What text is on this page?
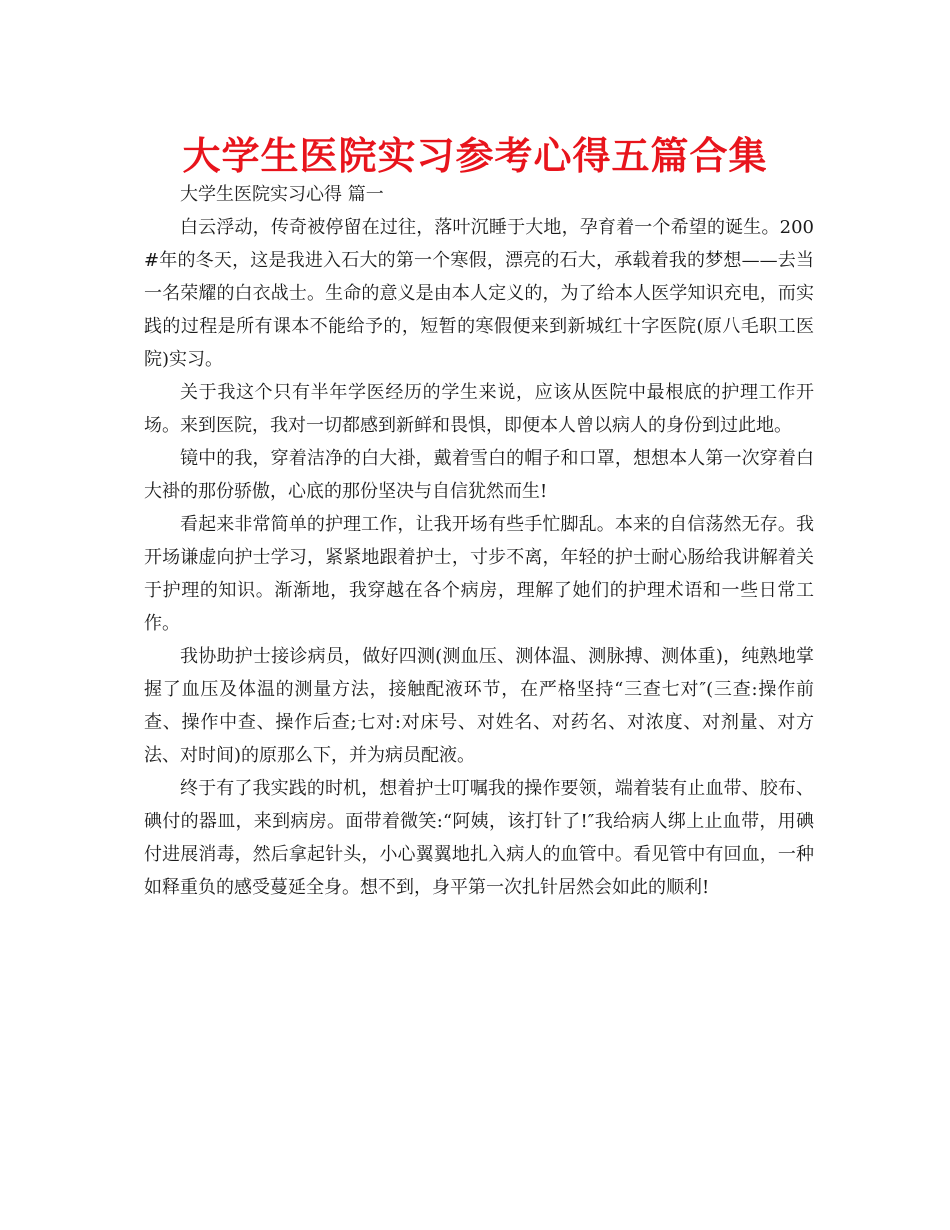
大学生医院实习参考心得五篇合集
大学生医院实习心得 篇一

白云浮动，传奇被停留在过往，落叶沉睡于大地，孕育着一个希望的诞生。200#年的冬天，这是我进入石大的第一个寒假，漂亮的石大，承载着我的梦想——去当一名荣耀的白衣战士。生命的意义是由本人定义的，为了给本人医学知识充电，而实践的过程是所有课本不能给予的，短暂的寒假便来到新城红十字医院(原八毛职工医院)实习。

关于我这个只有半年学医经历的学生来说，应该从医院中最根底的护理工作开场。来到医院，我对一切都感到新鲜和畏惧，即便本人曾以病人的身份到过此地。

镜中的我，穿着洁净的白大褂，戴着雪白的帽子和口罩，想想本人第一次穿着白大褂的那份骄傲，心底的那份坚决与自信犹然而生!

看起来非常简单的护理工作，让我开场有些手忙脚乱。本来的自信荡然无存。我开场谦虚向护士学习，紧紧地跟着护士，寸步不离，年轻的护士耐心肠给我讲解着关于护理的知识。渐渐地，我穿越在各个病房，理解了她们的护理术语和一些日常工作。

我协助护士接诊病员，做好四测(测血压、测体温、测脉搏、测体重)，纯熟地掌握了血压及体温的测量方法，接触配液环节，在严格坚持“三查七对″(三查:操作前查、操作中查、操作后查;七对:对床号、对姓名、对药名、对浓度、对剂量、对方法、对时间)的原那么下，并为病员配液。

终于有了我实践的时机，想着护士叮嘱我的操作要领，端着装有止血带、胶布、碘付的器皿，来到病房。面带着微笑:“阿姨，该打针了!″我给病人绑上止血带，用碘付进展消毒，然后拿起针头，小心翼翼地扎入病人的血管中。看见管中有回血，一种如释重负的感受蔓延全身。想不到，身平第一次扎针居然会如此的顺利!
